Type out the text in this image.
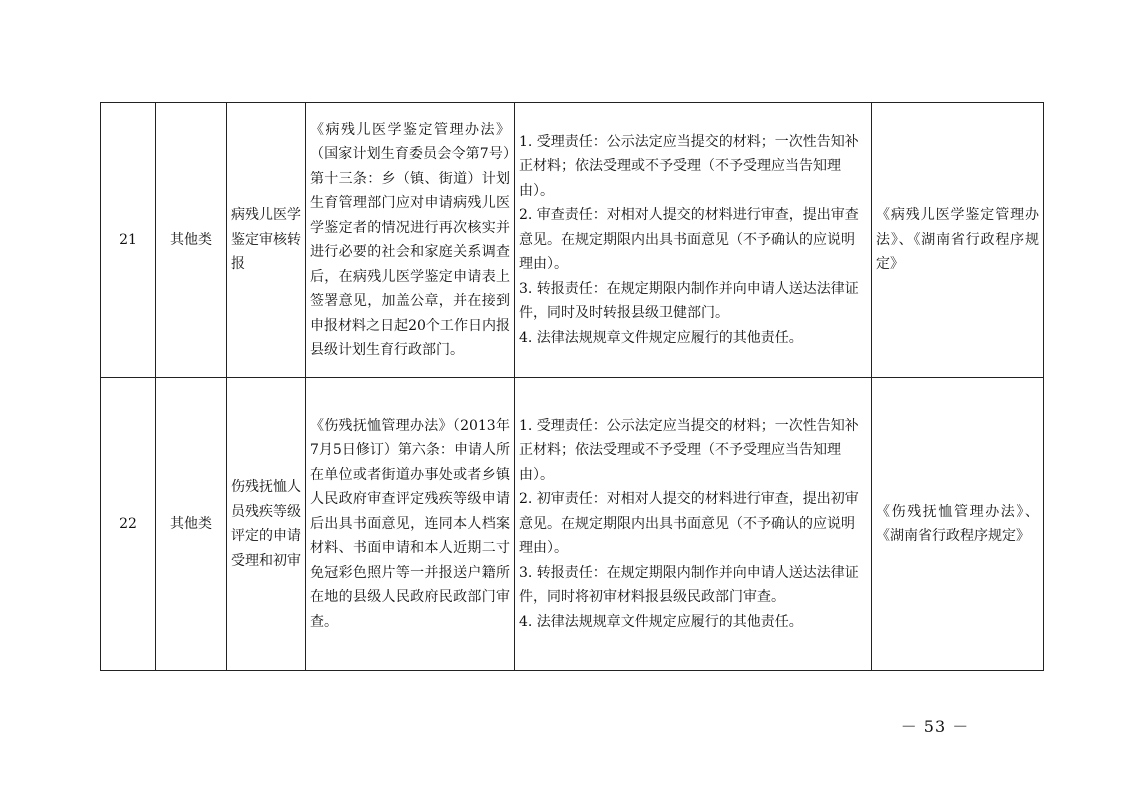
21	其他类	病残儿医学鉴定审核转报	《病残儿医学鉴定管理办法》（国家计划生育委员会令第7号）第十三条：乡（镇、街道）计划生育管理部门应对申请病残儿医学鉴定者的情况进行再次核实并进行必要的社会和家庭关系调查后，在病残儿医学鉴定申请表上签署意见，加盖公章，并在接到申报材料之日起20个工作日内报县级计划生育行政部门。	1. 受理责任：公示法定应当提交的材料；一次性告知补正材料；依法受理或不予受理（不予受理应当告知理由）。
2. 审查责任：对相对人提交的材料进行审查，提出审查意见。在规定期限内出具书面意见（不予确认的应说明理由）。
3. 转报责任：在规定期限内制作并向申请人送达法律证件，同时及时转报县级卫健部门。
4. 法律法规规章文件规定应履行的其他责任。	《病残儿医学鉴定管理办法》、《湖南省行政程序规定》
22	其他类	伤残抚恤人员残疾等级评定的申请受理和初审	《伤残抚恤管理办法》（2013年7月5日修订）第六条：申请人所在单位或者街道办事处或者乡镇人民政府审查评定残疾等级申请后出具书面意见，连同本人档案材料、书面申请和本人近期二寸免冠彩色照片等一并报送户籍所在地的县级人民政府民政部门审查。	1. 受理责任：公示法定应当提交的材料；一次性告知补正材料；依法受理或不予受理（不予受理应当告知理由）。
2. 初审责任：对相对人提交的材料进行审查，提出初审意见。在规定期限内出具书面意见（不予确认的应说明理由）。
3. 转报责任：在规定期限内制作并向申请人送达法律证件，同时将初审材料报县级民政部门审查。
4. 法律法规规章文件规定应履行的其他责任。	《伤残抚恤管理办法》、《湖南省行政程序规定》
－ 53 －
